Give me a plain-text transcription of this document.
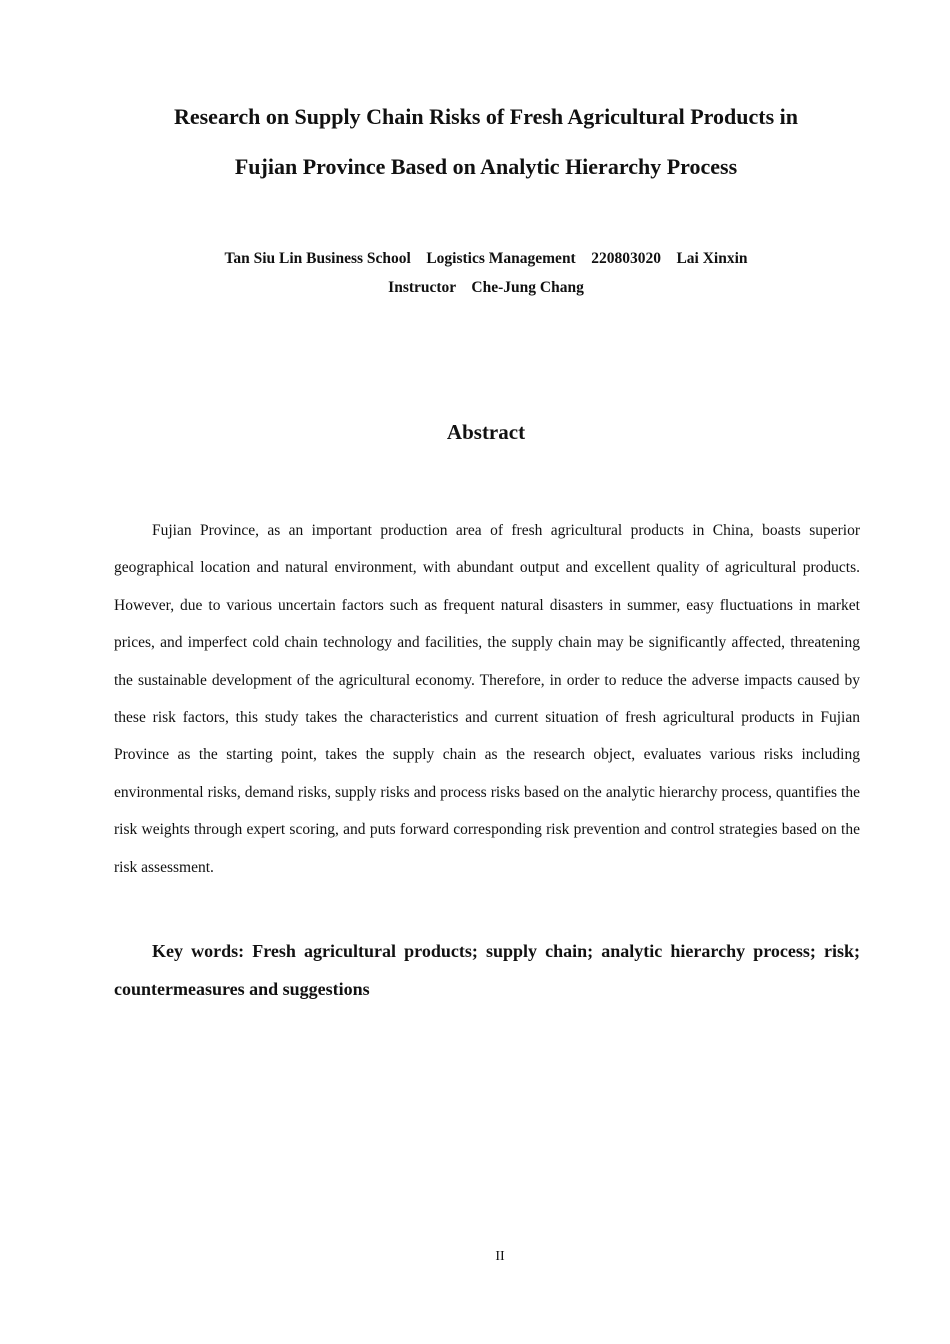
Research on Supply Chain Risks of Fresh Agricultural Products in
Fujian Province Based on Analytic Hierarchy Process
Tan Siu Lin Business School    Logistics Management    220803020    Lai Xinxin
Instructor    Che-Jung Chang
Abstract

Fujian Province, as an important production area of fresh agricultural products in China, boasts superior geographical location and natural environment, with abundant output and excellent quality of agricultural products. However, due to various uncertain factors such as frequent natural disasters in summer, easy fluctuations in market prices, and imperfect cold chain technology and facilities, the supply chain may be significantly affected, threatening the sustainable development of the agricultural economy. Therefore, in order to reduce the adverse impacts caused by these risk factors, this study takes the characteristics and current situation of fresh agricultural products in Fujian Province as the starting point, takes the supply chain as the research object, evaluates various risks including environmental risks, demand risks, supply risks and process risks based on the analytic hierarchy process, quantifies the risk weights through expert scoring, and puts forward corresponding risk prevention and control strategies based on the risk assessment.

Key words: Fresh agricultural products; supply chain; analytic hierarchy process; risk; countermeasures and suggestions

II
